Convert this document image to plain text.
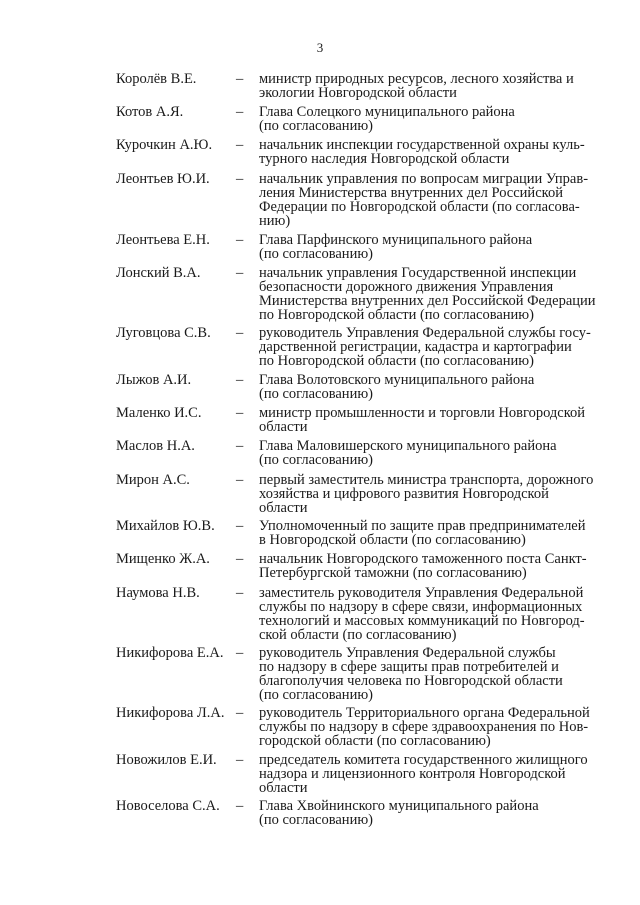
3
Королёв В.Е.	– министр природных ресурсов, лесного хозяйства и
экологии Новгородской области
Котов А.Я.	– Глава Солецкого муниципального района
(по согласованию)
Курочкин А.Ю. – начальник инспекции государственной охраны куль-
турного наследия Новгородской области
Леонтьев Ю.И. – начальник управления по вопросам миграции Управ-
ления Министерства внутренних дел Российской
Федерации по Новгородской области (по согласова-
нию)
Леонтьева Е.Н. – Глава Парфинского муниципального района
(по согласованию)
Лонский В.А. – начальник управления Государственной инспекции
безопасности дорожного движения Управления
Министерства внутренних дел Российской Федерации
по Новгородской области (по согласованию)
Луговцова С.В. – руководитель Управления Федеральной службы госу-
дарственной регистрации, кадастра и картографии
по Новгородской области (по согласованию)
Лыжов А.И.	– Глава Волотовского муниципального района
(по согласованию)
Маленко И.С. – министр промышленности и торговли Новгородской
области
Маслов Н.А.	– Глава Маловишерского муниципального района
(по согласованию)
Мирон А.С.	– первый заместитель министра транспорта, дорожного
хозяйства и цифрового развития Новгородской
области
Михайлов Ю.В. – Уполномоченный по защите прав предпринимателей
в Новгородской области (по согласованию)
Мищенко Ж.А. – начальник Новгородского таможенного поста Санкт-
Петербургской таможни (по согласованию)
Наумова Н.В. – заместитель руководителя Управления Федеральной
службы по надзору в сфере связи, информационных
технологий и массовых коммуникаций по Новгород-
ской области (по согласованию)
Никифорова Е.А. – руководитель Управления Федеральной службы
по надзору в сфере защиты прав потребителей и
благополучия человека по Новгородской области
(по согласованию)
Никифорова Л.А. – руководитель Территориального органа Федеральной
службы по надзору в сфере здравоохранения по Нов-
городской области (по согласованию)
Новожилов Е.И. – председатель комитета государственного жилищного
надзора и лицензионного контроля Новгородской
области
Новоселова С.А. – Глава Хвойнинского муниципального района
(по согласованию)
